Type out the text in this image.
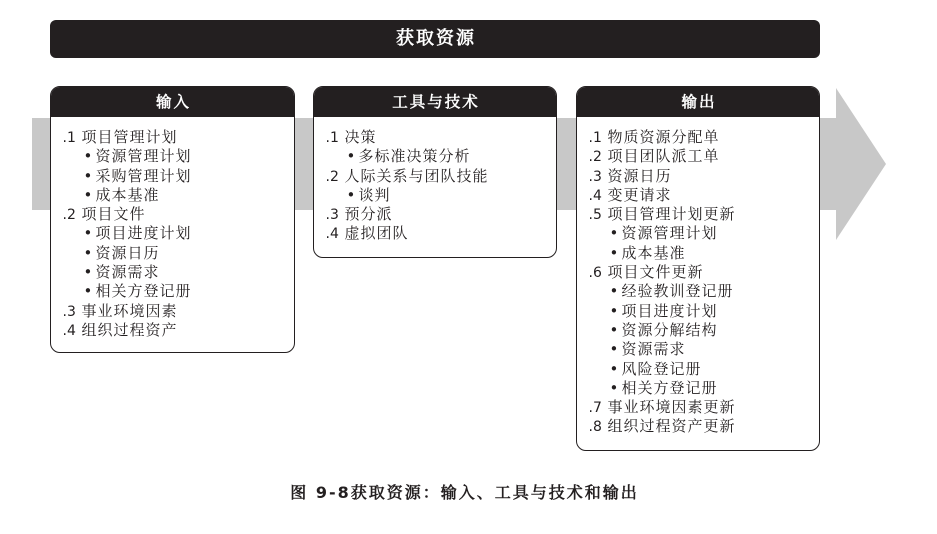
获取资源
输入
.1 项目管理计划
• 资源管理计划
• 采购管理计划
• 成本基准
.2 项目文件
• 项目进度计划
• 资源日历
• 资源需求
• 相关方登记册
.3 事业环境因素
.4 组织过程资产
工具与技术
.1 决策
• 多标准决策分析
.2 人际关系与团队技能
• 谈判
.3 预分派
.4 虚拟团队
输出
.1 物质资源分配单
.2 项目团队派工单
.3 资源日历
.4 变更请求
.5 项目管理计划更新
• 资源管理计划
• 成本基准
.6 项目文件更新
• 经验教训登记册
• 项目进度计划
• 资源分解结构
• 资源需求
• 风险登记册
• 相关方登记册
.7 事业环境因素更新
.8 组织过程资产更新
图 9-8获取资源：输入、工具与技术和输出
